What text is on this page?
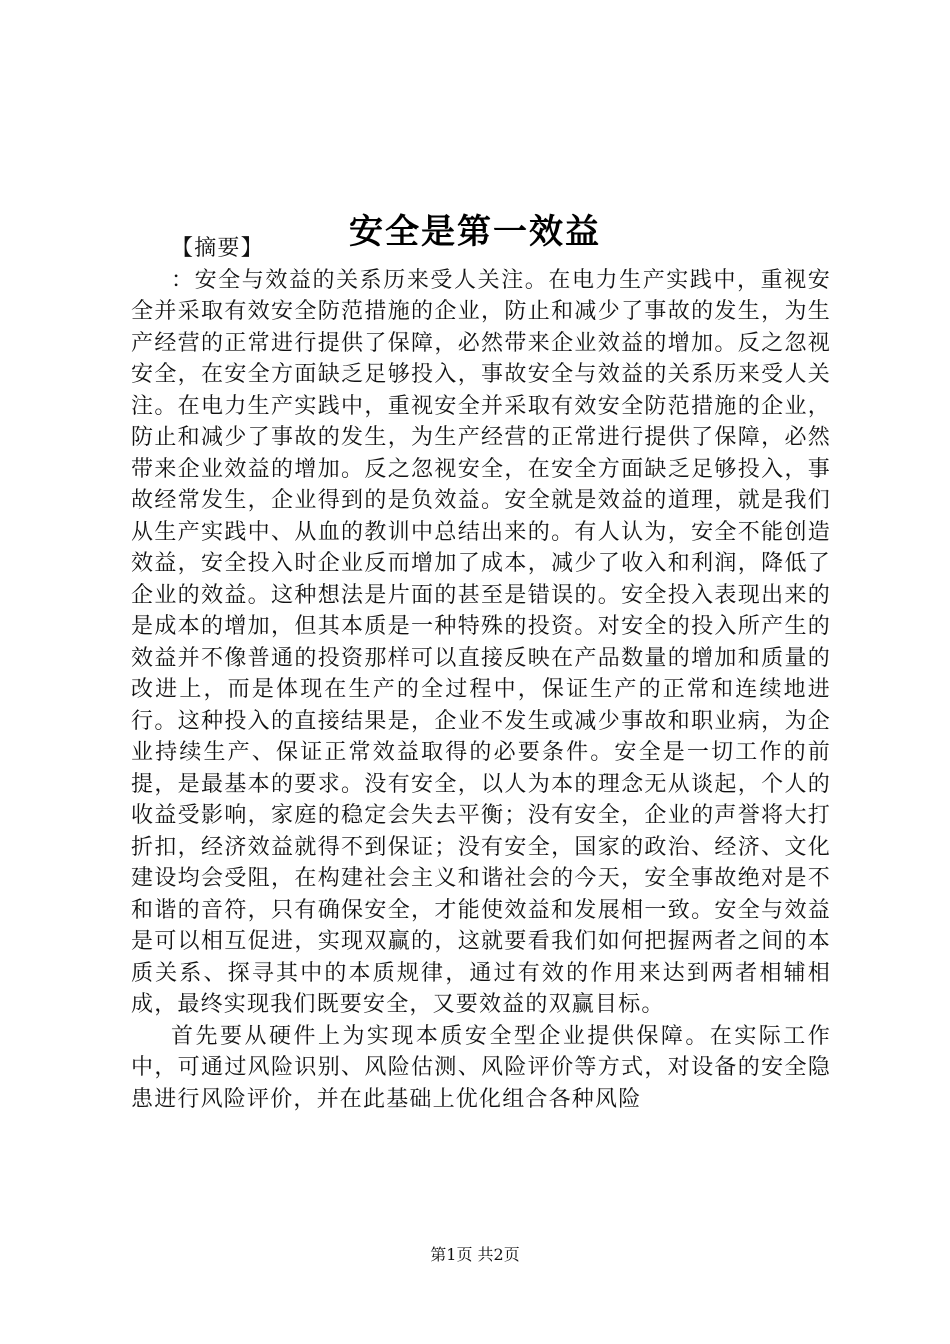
安全是第一效益

【摘要】

：安全与效益的关系历来受人关注。在电力生产实践中，重视安全并采取有效安全防范措施的企业，防止和减少了事故的发生，为生产经营的正常进行提供了保障，必然带来企业效益的增加。反之忽视安全，在安全方面缺乏足够投入，事故安全与效益的关系历来受人关注。在电力生产实践中，重视安全并采取有效安全防范措施的企业，防止和减少了事故的发生，为生产经营的正常进行提供了保障，必然带来企业效益的增加。反之忽视安全，在安全方面缺乏足够投入，事故经常发生，企业得到的是负效益。安全就是效益的道理，就是我们从生产实践中、从血的教训中总结出来的。有人认为，安全不能创造效益，安全投入时企业反而增加了成本，减少了收入和利润，降低了企业的效益。这种想法是片面的甚至是错误的。安全投入表现出来的是成本的增加，但其本质是一种特殊的投资。对安全的投入所产生的效益并不像普通的投资那样可以直接反映在产品数量的增加和质量的改进上，而是体现在生产的全过程中，保证生产的正常和连续地进行。这种投入的直接结果是，企业不发生或减少事故和职业病，为企业持续生产、保证正常效益取得的必要条件。安全是一切工作的前提，是最基本的要求。没有安全，以人为本的理念无从谈起，个人的收益受影响，家庭的稳定会失去平衡；没有安全，企业的声誉将大打折扣，经济效益就得不到保证；没有安全，国家的政治、经济、文化建设均会受阻，在构建社会主义和谐社会的今天，安全事故绝对是不和谐的音符，只有确保安全，才能使效益和发展相一致。安全与效益是可以相互促进，实现双赢的，这就要看我们如何把握两者之间的本质关系、探寻其中的本质规律，通过有效的作用来达到两者相辅相成，最终实现我们既要安全，又要效益的双赢目标。

首先要从硬件上为实现本质安全型企业提供保障。在实际工作中，可通过风险识别、风险估测、风险评价等方式，对设备的安全隐患进行风险评价，并在此基础上优化组合各种风险

第1页 共2页
